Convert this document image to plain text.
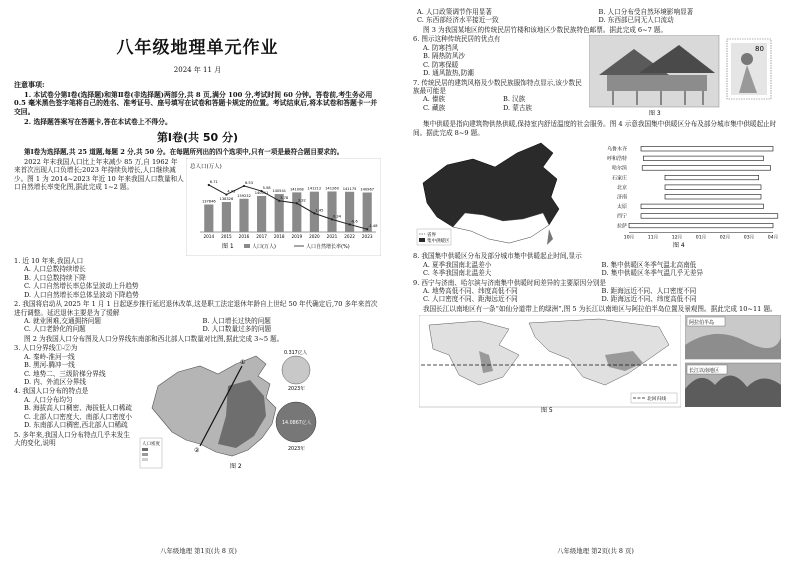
八年级地理单元作业
2024 年 11 月
注意事项:

1. 本试卷分第Ⅰ卷(选择题)和第Ⅱ卷(非选择题)两部分,共 8 页,满分 100 分,考试时间 60 分钟。答卷前,考生务必用 0.5 毫米黑色签字笔将自己的姓名、准考证号、座号填写在试卷和答题卡规定的位置。考试结束后,将本试卷和答题卡一并交回。

2. 选择题答案写在答题卡,答在本试卷上不得分。

第Ⅰ卷(共 50 分)

第Ⅰ卷为选择题,共 25 道题,每题 2 分,共 50 分。在每题所列出的四个选项中,只有一项是最符合题目要求的。

2022 年末我国人口比上年末减少 85 万,自 1962 年来首次出现人口负增长;2023 年持续负增长,人口继续减少。图 1 为 2014~2023 年近 10 年来我国人口数量和人口自然增长率变化图,据此完成 1~2 题。

总人口(万人)
6.71
4.93
6.53
5.58
3.78
3.32
1.45
0.34
-0.6
-1.48
2014 2015 2016 2017 2018 2019 2020 2021 2022 2023
137646
138326
139232
140011 140541 141008 141212 141260 141175 140967
人口(万人)	人口自然增长率(%)
图 1

1. 近 10 年来,我国人口

A. 人口总数持续增长

B. 人口总数持续下降

C. 人口自然增长率总体呈波动上升趋势

D. 人口自然增长率总体呈波动下降趋势

2. 我国将启动从 2025 年 1 月 1 日起逐步推行延迟退休改革,这是职工法定退休年龄自上世纪 50 年代确定后,70 多年来首次进行调整。延迟退休主要是为了缓解

A. 就业困难,交通拥挤问题	B. 人口增长过快的问题

C. 人口老龄化的问题	D. 人口数量过多的问题

图 2 为我国人口分布图及人口分界线东南部和西北部人口数量对比图,据此完成 3~5 题。

3. 人口分界线①-②为

A. 秦岭-淮河一线

B. 黑河-腾冲一线

C. 地势二、三级阶梯分界线

D. 内、外流区分界线

4. 我国人口分布的特点是

A. 人口分布均匀

B. 海拔高人口稠密、海拔低人口稀疏

C. 北部人口密度大、南部人口密度小

D. 东南部人口稠密,西北部人口稀疏

5. 多年来,我国人口分布特点几乎未发生大的变化,说明

①
②
人口密度
0.317亿人
2023年
14.0867亿人
2023年
图 2
八年级地理 第1页(共 8 页)

A. 人口政策调节作用显著	B. 人口分布受自然环境影响显著

C. 东西部经济水平接近一致	D. 东西部已同无人口流动

图 3 为我国某地区的传统民居竹楼和该地区少数民族特色邮票。据此完成 6~7 题。

6. 图示这种传统民居的优点有

A. 防寒挡风

B. 隔热防风沙

C. 防寒保暖

D. 通风散热,防潮

7. 传统民居的建筑风格及少数民族服饰特点显示,该少数民族最可能是

A. 傣族	B. 汉族

C. 藏族	D. 蒙古族

80
图 3

集中供暖是指向建筑物供热供暖,保持室内舒适温度的社会服务。图 4 示意我国集中供暖区分布及部分城市集中供暖起止时间。据此完成 8~9 题。

省界
集中供暖区
乌鲁木齐
呼和浩特
哈尔滨
石家庄
北京
济南
太原
西宁
拉萨
10月	11月	12月	01月	02月	03月	04月
图 4

8. 我国集中供暖区分布及部分城市集中供暖起止时间,显示

A. 夏季我国南北温差小	B. 集中供暖区冬季气温北高南低

C. 冬季我国南北温差大	D. 集中供暖区冬季气温几乎无差异

9. 西宁与济南、哈尔滨与济南集中供暖时间差异的主要原因分别是

A. 地势高低不同、纬度高低不同	B. 距海远近不同、人口密度不同

C. 人口密度不同、距海远近不同	D. 距海远近不同、纬度高低不同

我国长江以南地区有一条“如仙分道带上的绿洲”,图 5 为长江以南地区与阿拉伯半岛位置及景观图。据此完成 10~11 题。

北回归线
图 5
阿拉伯半岛
长江以南地区
八年级地理 第2页(共 8 页)
